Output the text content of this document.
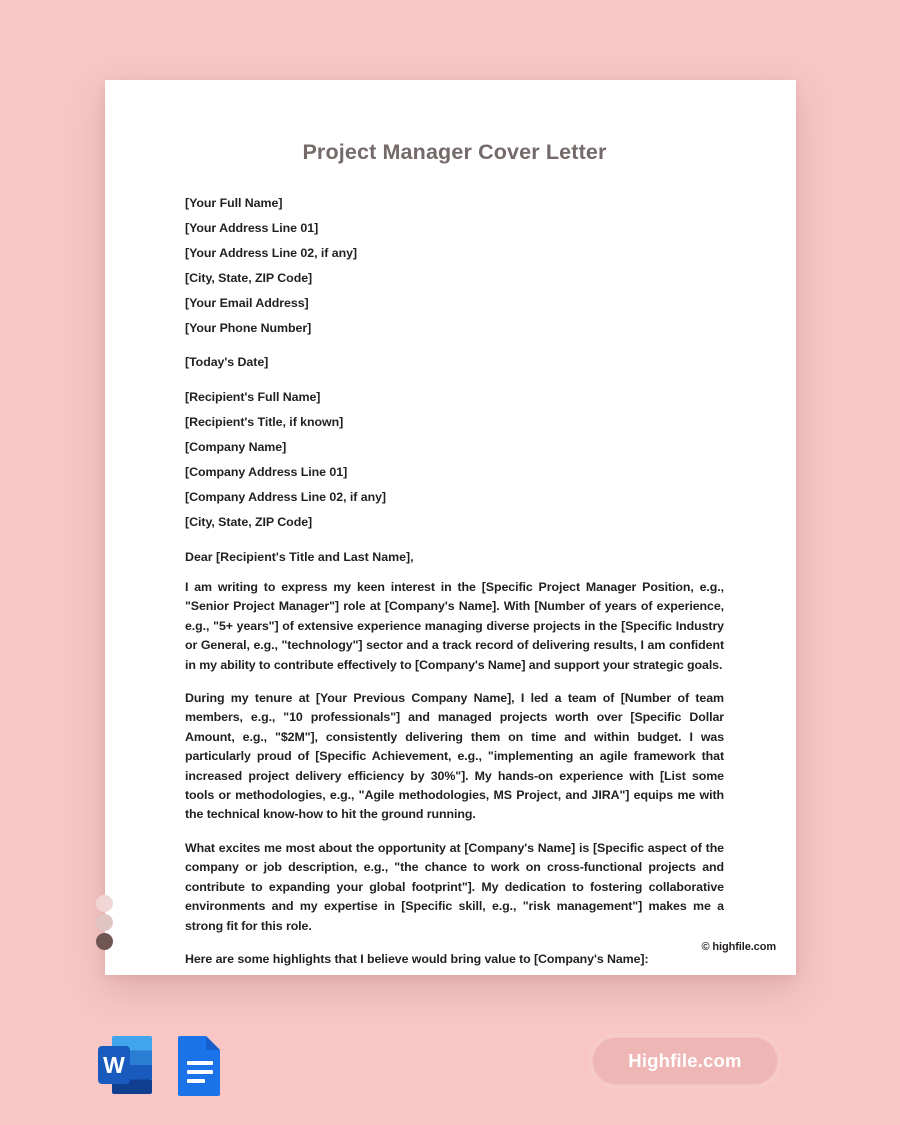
Project Manager Cover Letter
[Your Full Name]
[Your Address Line 01]
[Your Address Line 02, if any]
[City, State, ZIP Code]
[Your Email Address]
[Your Phone Number]
[Today's Date]
[Recipient's Full Name]
[Recipient's Title, if known]
[Company Name]
[Company Address Line 01]
[Company Address Line 02, if any]
[City, State, ZIP Code]
Dear [Recipient's Title and Last Name],
I am writing to express my keen interest in the [Specific Project Manager Position, e.g., "Senior Project Manager"] role at [Company's Name]. With [Number of years of experience, e.g., "5+ years"] of extensive experience managing diverse projects in the [Specific Industry or General, e.g., "technology"] sector and a track record of delivering results, I am confident in my ability to contribute effectively to [Company's Name] and support your strategic goals.
During my tenure at [Your Previous Company Name], I led a team of [Number of team members, e.g., "10 professionals"] and managed projects worth over [Specific Dollar Amount, e.g., "$2M"], consistently delivering them on time and within budget. I was particularly proud of [Specific Achievement, e.g., "implementing an agile framework that increased project delivery efficiency by 30%"]. My hands-on experience with [List some tools or methodologies, e.g., "Agile methodologies, MS Project, and JIRA"] equips me with the technical know-how to hit the ground running.
What excites me most about the opportunity at [Company's Name] is [Specific aspect of the company or job description, e.g., "the chance to work on cross-functional projects and contribute to expanding your global footprint"]. My dedication to fostering collaborative environments and my expertise in [Specific skill, e.g., "risk management"] makes me a strong fit for this role.
Here are some highlights that I believe would bring value to [Company's Name]:
© highfile.com
W	Highfile.com
